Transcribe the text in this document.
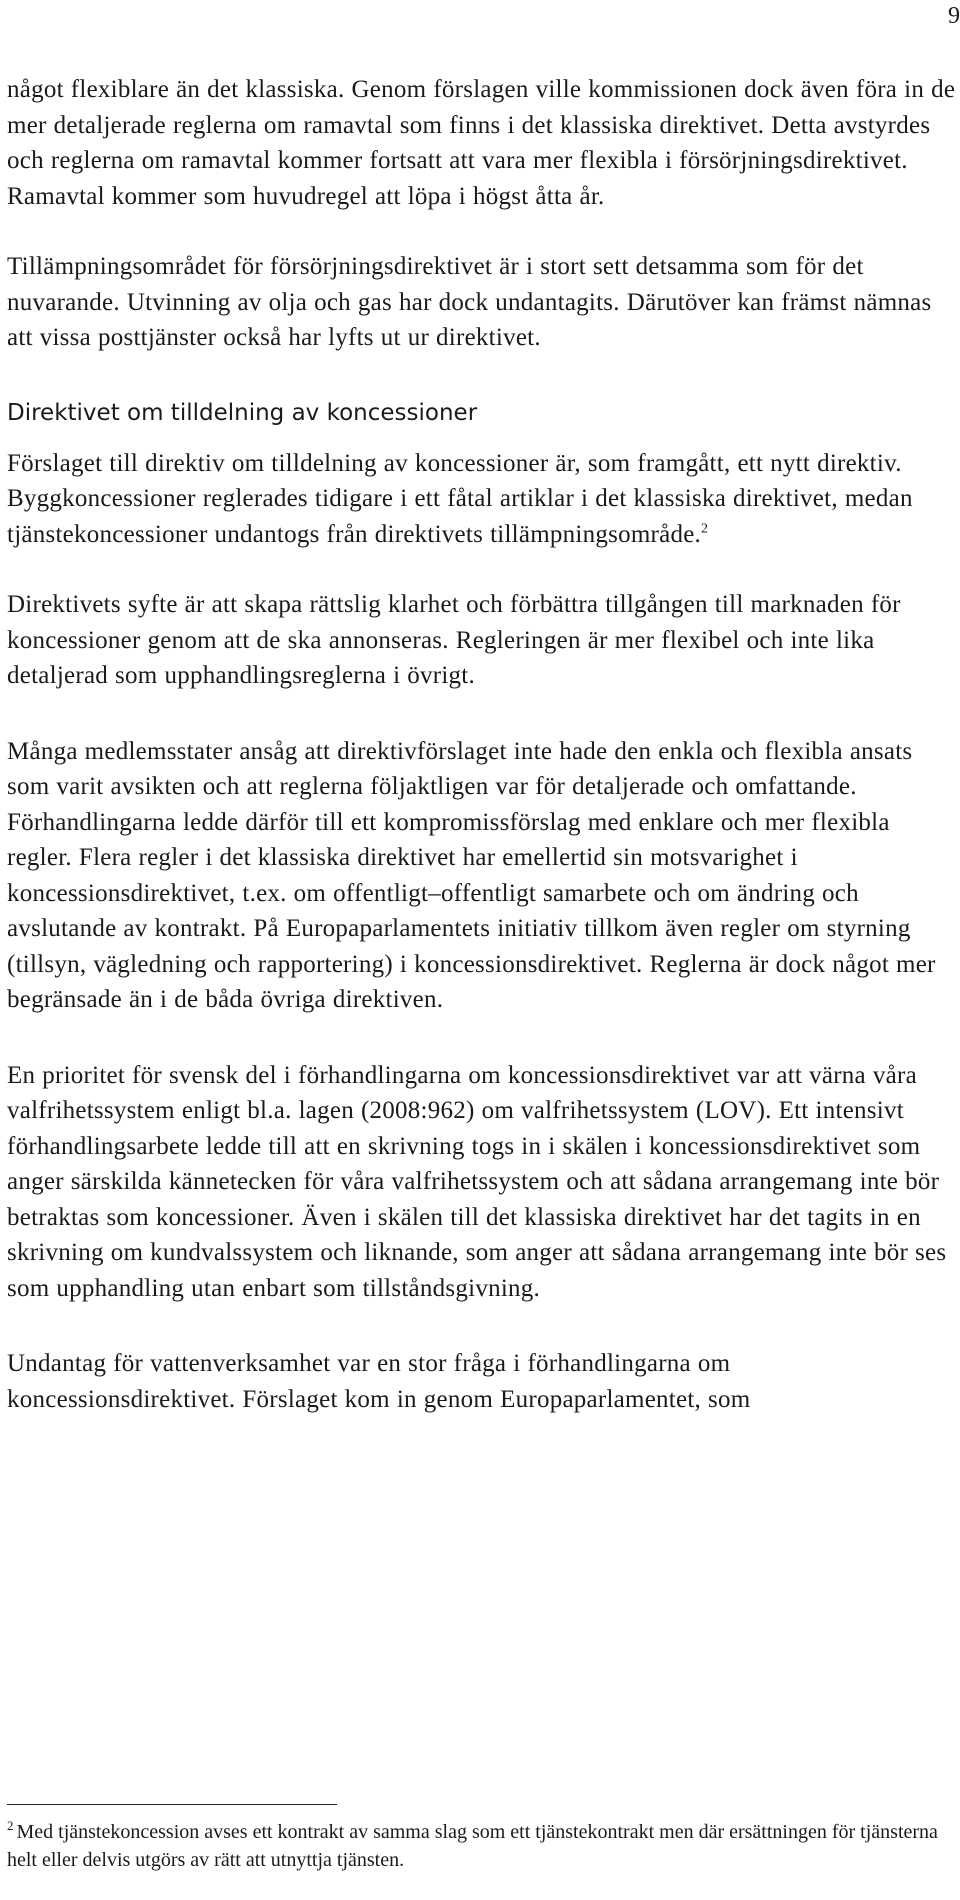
9

något flexiblare än det klassiska. Genom förslagen ville kommissionen dock även föra in de mer detaljerade reglerna om ramavtal som finns i det klassiska direktivet. Detta avstyrdes och reglerna om ramavtal kommer fortsatt att vara mer flexibla i försörjningsdirektivet. Ramavtal kommer som huvudregel att löpa i högst åtta år.

Tillämpningsområdet för försörjningsdirektivet är i stort sett detsamma som för det nuvarande. Utvinning av olja och gas har dock undantagits. Därutöver kan främst nämnas att vissa posttjänster också har lyfts ut ur direktivet.

Direktivet om tilldelning av koncessioner

Förslaget till direktiv om tilldelning av koncessioner är, som framgått, ett nytt direktiv. Byggkoncessioner reglerades tidigare i ett fåtal artiklar i det klassiska direktivet, medan tjänstekoncessioner undantogs från direktivets tillämpningsområde.$^2$

Direktivets syfte är att skapa rättslig klarhet och förbättra tillgången till marknaden för koncessioner genom att de ska annonseras. Regleringen är mer flexibel och inte lika detaljerad som upphandlingsreglerna i övrigt.

Många medlemsstater ansåg att direktivförslaget inte hade den enkla och flexibla ansats som varit avsikten och att reglerna följaktligen var för detaljerade och omfattande. Förhandlingarna ledde därför till ett kompromissförslag med enklare och mer flexibla regler. Flera regler i det klassiska direktivet har emellertid sin motsvarighet i koncessionsdirektivet, t.ex. om offentligt–offentligt samarbete och om ändring och avslutande av kontrakt. På Europaparlamentets initiativ tillkom även regler om styrning (tillsyn, vägledning och rapportering) i koncessionsdirektivet. Reglerna är dock något mer begränsade än i de båda övriga direktiven.

En prioritet för svensk del i förhandlingarna om koncessionsdirektivet var att värna våra valfrihetssystem enligt bl.a. lagen (2008:962) om valfrihetssystem (LOV). Ett intensivt förhandlingsarbete ledde till att en skrivning togs in i skälen i koncessionsdirektivet som anger särskilda kännetecken för våra valfrihetssystem och att sådana arrangemang inte bör betraktas som koncessioner. Även i skälen till det klassiska direktivet har det tagits in en skrivning om kundvalssystem och liknande, som anger att sådana arrangemang inte bör ses som upphandling utan enbart som tillståndsgivning.

Undantag för vattenverksamhet var en stor fråga i förhandlingarna om koncessionsdirektivet. Förslaget kom in genom Europaparlamentet, som

$^2$ Med tjänstekoncession avses ett kontrakt av samma slag som ett tjänstekontrakt men där ersättningen för tjänsterna helt eller delvis utgörs av rätt att utnyttja tjänsten.
